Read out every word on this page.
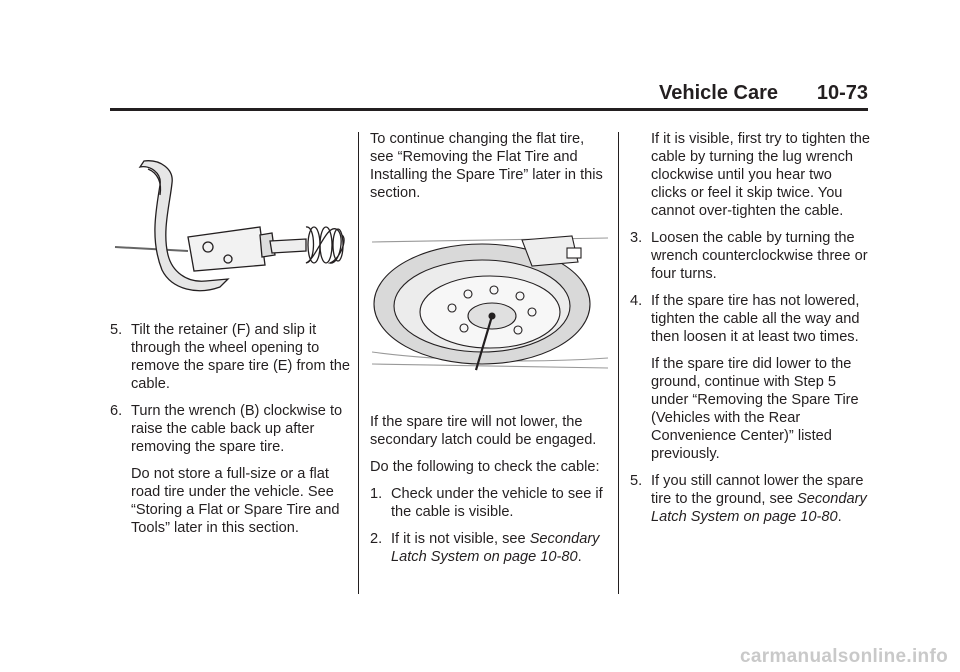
Vehicle Care 10-73
5. Tilt the retainer (F) and slip it through the wheel opening to remove the spare tire (E) from the cable.

6. Turn the wrench (B) clockwise to raise the cable back up after removing the spare tire.

Do not store a full-size or a flat road tire under the vehicle. See “Storing a Flat or Spare Tire and Tools” later in this section.

To continue changing the flat tire, see “Removing the Flat Tire and Installing the Spare Tire” later in this section.

If the spare tire will not lower, the secondary latch could be engaged.

Do the following to check the cable:

1. Check under the vehicle to see if the cable is visible.

2. If it is not visible, see Secondary Latch System on page 10-80.

If it is visible, first try to tighten the cable by turning the lug wrench clockwise until you hear two clicks or feel it skip twice. You cannot over-tighten the cable.

3. Loosen the cable by turning the wrench counterclockwise three or four turns.

4. If the spare tire has not lowered, tighten the cable all the way and then loosen it at least two times.

If the spare tire did lower to the ground, continue with Step 5 under “Removing the Spare Tire (Vehicles with the Rear Convenience Center)” listed previously.

5. If you still cannot lower the spare tire to the ground, see Secondary Latch System on page 10-80.

carmanualsonline.info
